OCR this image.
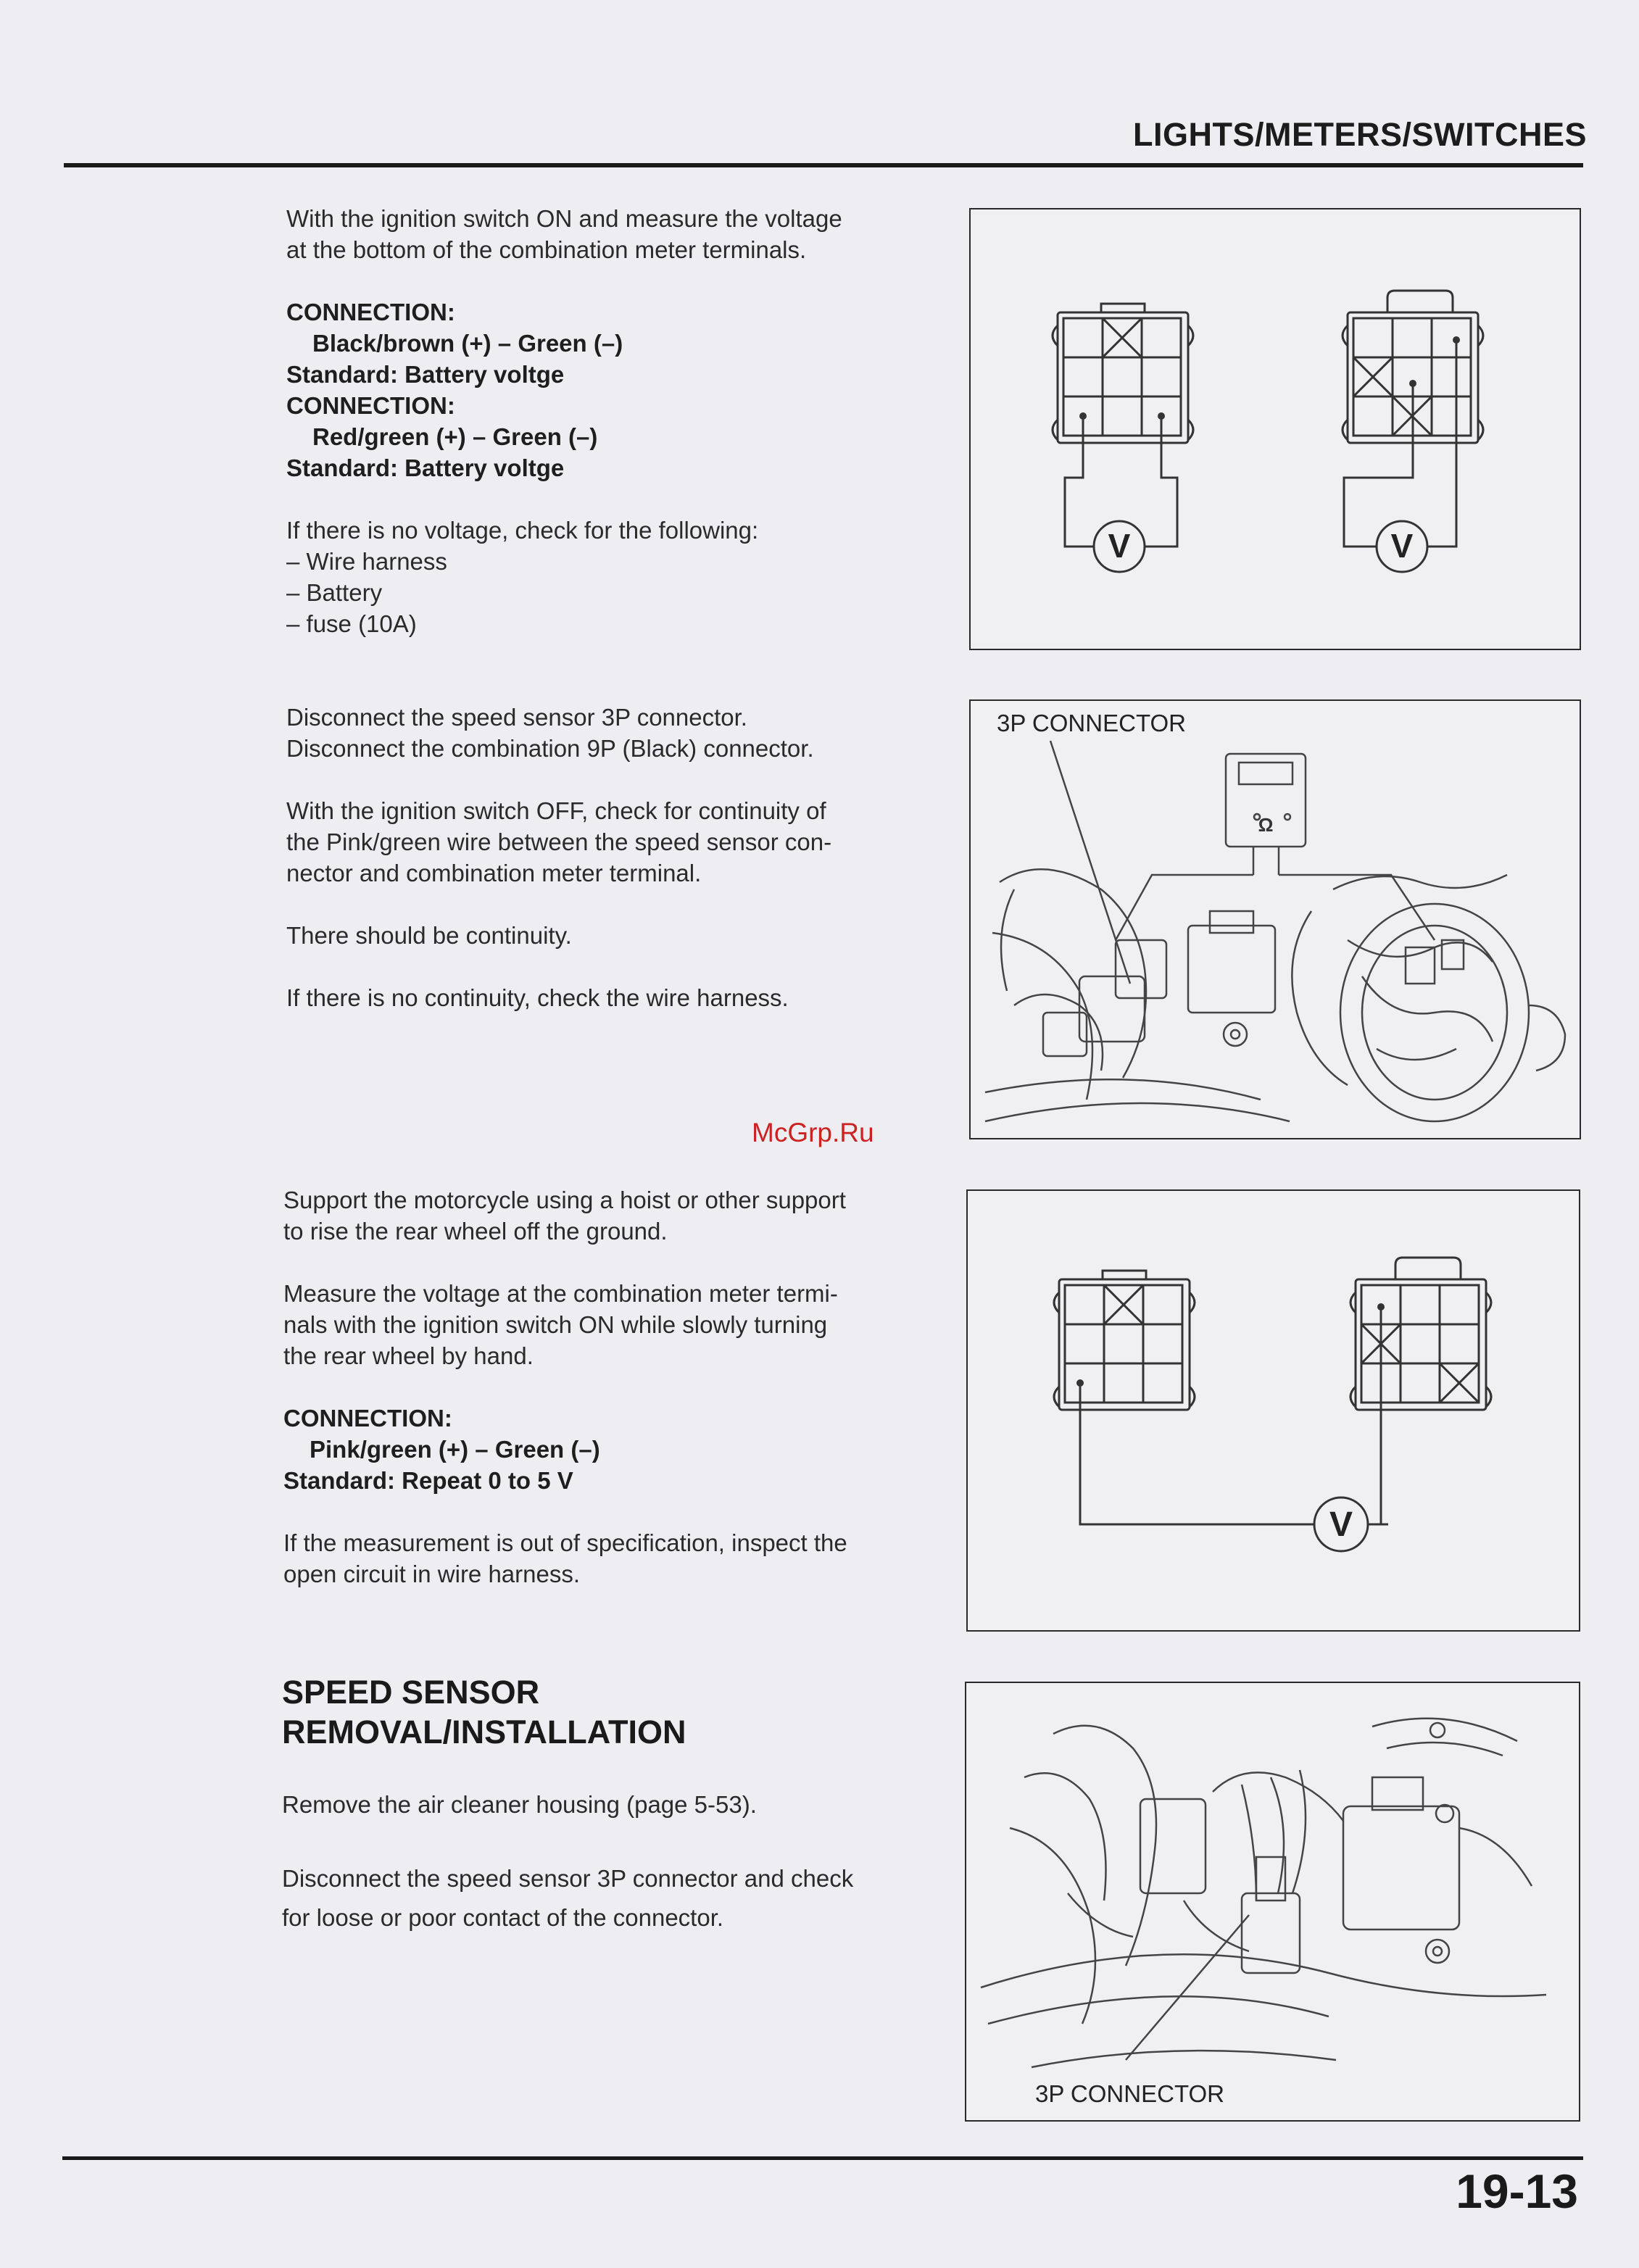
LIGHTS/METERS/SWITCHES

With the ignition switch ON and measure the voltage

at the bottom of the combination meter terminals.

CONNECTION:

Black/brown (+) – Green (–)

Standard: Battery voltge

CONNECTION:

Red/green (+) – Green (–)

Standard: Battery voltge

If there is no voltage, check for the following:

– Wire harness

– Battery

– fuse (10A)

V	V

Disconnect the speed sensor 3P connector.

Disconnect the combination 9P (Black) connector.

With the ignition switch OFF, check for continuity of

the Pink/green wire between the speed sensor con-

nector and combination meter terminal.

There should be continuity.

If there is no continuity, check the wire harness.

3P CONNECTOR
Ω
McGrp.Ru

Support the motorcycle using a hoist or other support

to rise the rear wheel off the ground.

Measure the voltage at the combination meter termi-

nals with the ignition switch ON while slowly turning

the rear wheel by hand.

CONNECTION:

Pink/green (+) – Green (–)

Standard: Repeat 0 to 5 V

If the measurement is out of specification, inspect the

open circuit in wire harness.

V
SPEED SENSOR
REMOVAL/INSTALLATION

Remove the air cleaner housing (page 5-53).

Disconnect the speed sensor 3P connector and check

for loose or poor contact of the connector.

3P CONNECTOR
19-13
